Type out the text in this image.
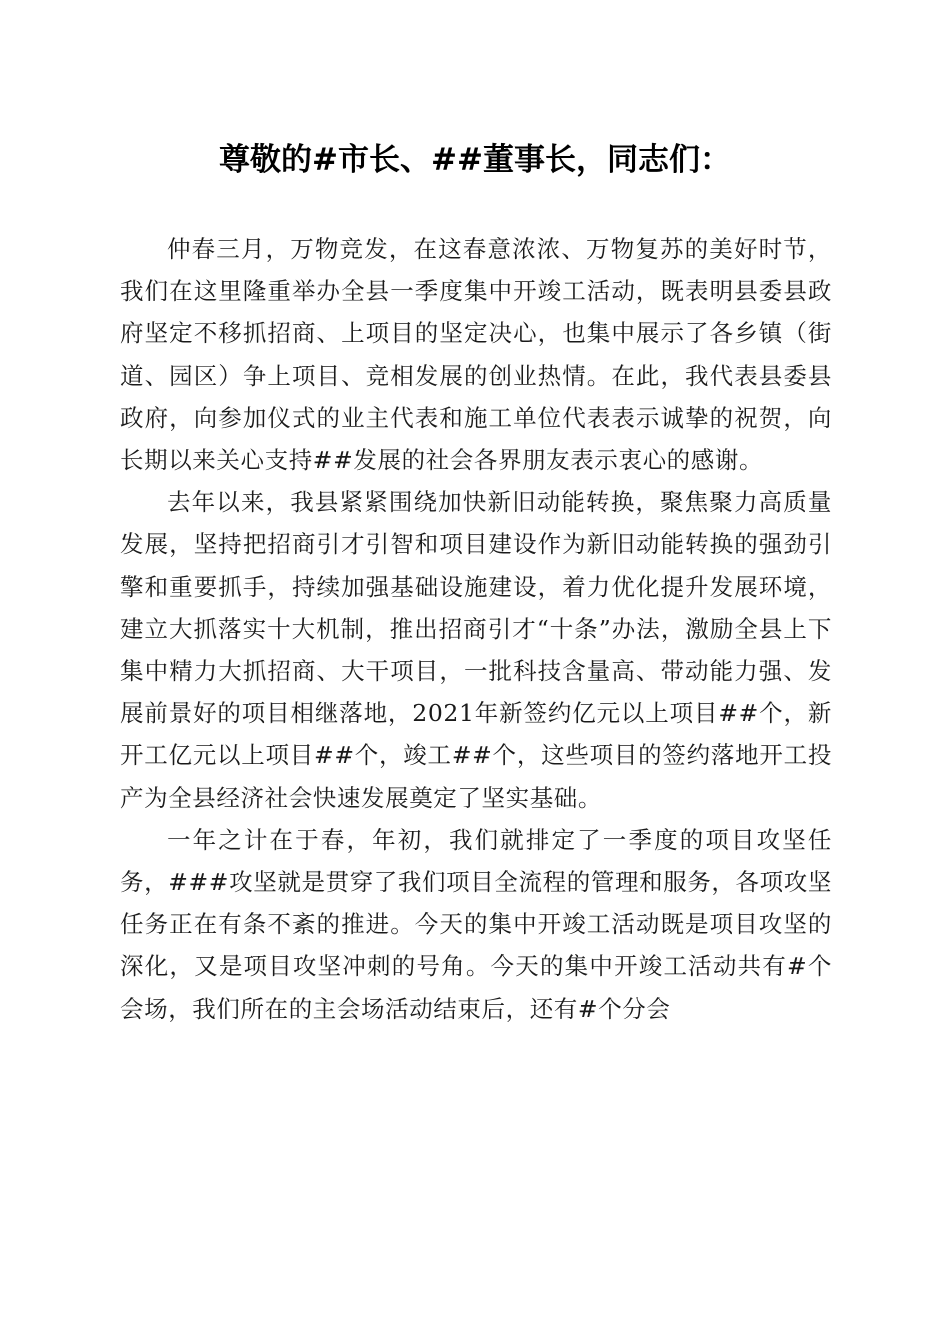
尊敬的#市长、##董事长，同志们：

仲春三月，万物竞发，在这春意浓浓、万物复苏的美好时节，我们在这里隆重举办全县一季度集中开竣工活动，既表明县委县政府坚定不移抓招商、上项目的坚定决心，也集中展示了各乡镇（街道、园区）争上项目、竞相发展的创业热情。在此，我代表县委县政府，向参加仪式的业主代表和施工单位代表表示诚挚的祝贺，向长期以来关心支持##发展的社会各界朋友表示衷心的感谢。

去年以来，我县紧紧围绕加快新旧动能转换，聚焦聚力高质量发展，坚持把招商引才引智和项目建设作为新旧动能转换的强劲引擎和重要抓手，持续加强基础设施建设，着力优化提升发展环境，建立大抓落实十大机制，推出招商引才“十条”办法，激励全县上下集中精力大抓招商、大干项目，一批科技含量高、带动能力强、发展前景好的项目相继落地，2021年新签约亿元以上项目##个，新开工亿元以上项目##个，竣工##个，这些项目的签约落地开工投产为全县经济社会快速发展奠定了坚实基础。

一年之计在于春，年初，我们就排定了一季度的项目攻坚任务，###攻坚就是贯穿了我们项目全流程的管理和服务，各项攻坚任务正在有条不紊的推进。今天的集中开竣工活动既是项目攻坚的深化，又是项目攻坚冲刺的号角。今天的集中开竣工活动共有#个会场，我们所在的主会场活动结束后，还有#个分会
